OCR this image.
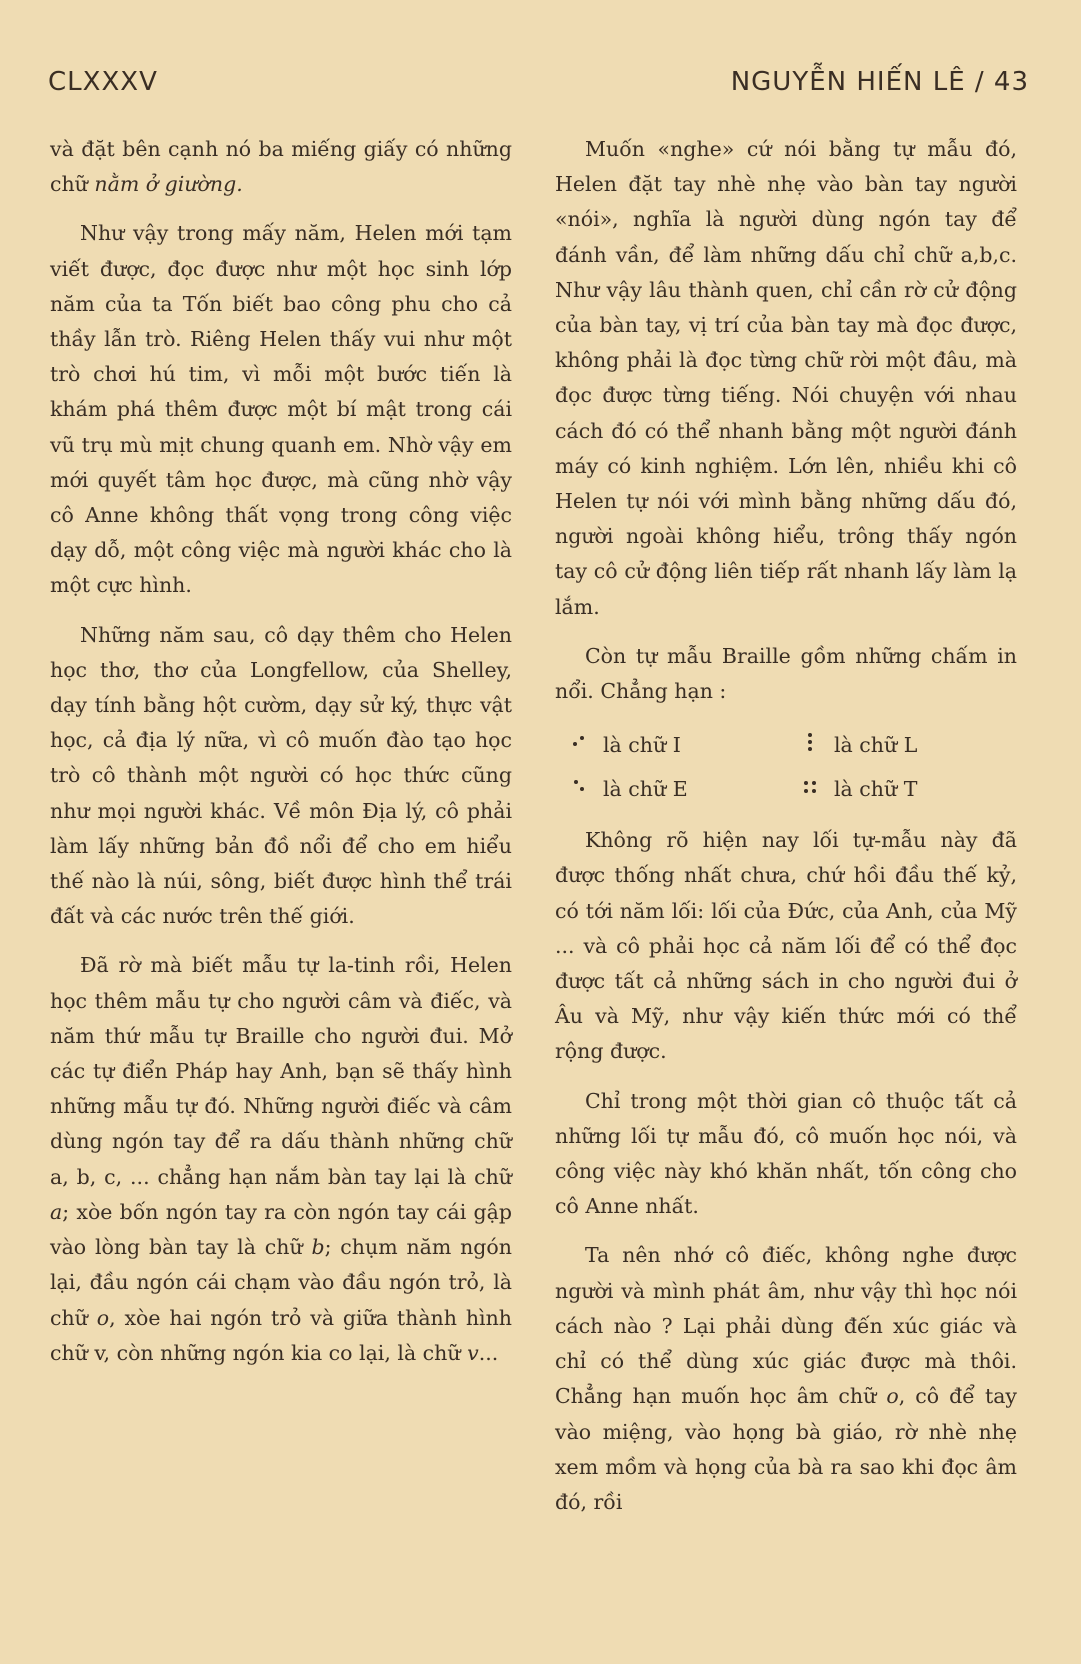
CLXXXV	NGUYỄN HIẾN LÊ / 43

và đặt bên cạnh nó ba miếng giấy có những chữ nằm ở giường.

Như vậy trong mấy năm, Helen mới tạm viết được, đọc được như một học sinh lớp năm của ta Tốn biết bao công phu cho cả thầy lẫn trò. Riêng Helen thấy vui như một trò chơi hú tim, vì mỗi một bước tiến là khám phá thêm được một bí mật trong cái vũ trụ mù mịt chung quanh em. Nhờ vậy em mới quyết tâm học được, mà cũng nhờ vậy cô Anne không thất vọng trong công việc dạy dỗ, một công việc mà người khác cho là một cực hình.

Những năm sau, cô dạy thêm cho Helen học thơ, thơ của Longfellow, của Shelley, dạy tính bằng hột cườm, dạy sử ký, thực vật học, cả địa lý nữa, vì cô muốn đào tạo học trò cô thành một người có học thức cũng như mọi người khác. Về môn Địa lý, cô phải làm lấy những bản đồ nổi để cho em hiểu thế nào là núi, sông, biết được hình thể trái đất và các nước trên thế giới.

Đã rờ mà biết mẫu tự la-tinh rồi, Helen học thêm mẫu tự cho người câm và điếc, và năm thứ mẫu tự Braille cho người đui. Mở các tự điển Pháp hay Anh, bạn sẽ thấy hình những mẫu tự đó. Những người điếc và câm dùng ngón tay để ra dấu thành những chữ a, b, c, ... chẳng hạn nắm bàn tay lại là chữ a; xòe bốn ngón tay ra còn ngón tay cái gập vào lòng bàn tay là chữ b; chụm năm ngón lại, đầu ngón cái chạm vào đầu ngón trỏ, là chữ o, xòe hai ngón trỏ và giữa thành hình chữ v, còn những ngón kia co lại, là chữ v...

Muốn «nghe» cứ nói bằng tự mẫu đó, Helen đặt tay nhè nhẹ vào bàn tay người «nói», nghĩa là người dùng ngón tay để đánh vần, để làm những dấu chỉ chữ a,b,c. Như vậy lâu thành quen, chỉ cần rờ cử động của bàn tay, vị trí của bàn tay mà đọc được, không phải là đọc từng chữ rời một đâu, mà đọc được từng tiếng. Nói chuyện với nhau cách đó có thể nhanh bằng một người đánh máy có kinh nghiệm. Lớn lên, nhiều khi cô Helen tự nói với mình bằng những dấu đó, người ngoài không hiểu, trông thấy ngón tay cô cử động liên tiếp rất nhanh lấy làm lạ lắm.

Còn tự mẫu Braille gồm những chấm in nổi. Chẳng hạn :

là chữ I	là chữ L
là chữ E	là chữ T

Không rõ hiện nay lối tự-mẫu này đã được thống nhất chưa, chứ hồi đầu thế kỷ, có tới năm lối: lối của Đức, của Anh, của Mỹ ... và cô phải học cả năm lối để có thể đọc được tất cả những sách in cho người đui ở Âu và Mỹ, như vậy kiến thức mới có thể rộng được.

Chỉ trong một thời gian cô thuộc tất cả những lối tự mẫu đó, cô muốn học nói, và công việc này khó khăn nhất, tốn công cho cô Anne nhất.

Ta nên nhớ cô điếc, không nghe được người và mình phát âm, như vậy thì học nói cách nào ? Lại phải dùng đến xúc giác và chỉ có thể dùng xúc giác được mà thôi. Chẳng hạn muốn học âm chữ o, cô để tay vào miệng, vào họng bà giáo, rờ nhè nhẹ xem mồm và họng của bà ra sao khi đọc âm đó, rồi
